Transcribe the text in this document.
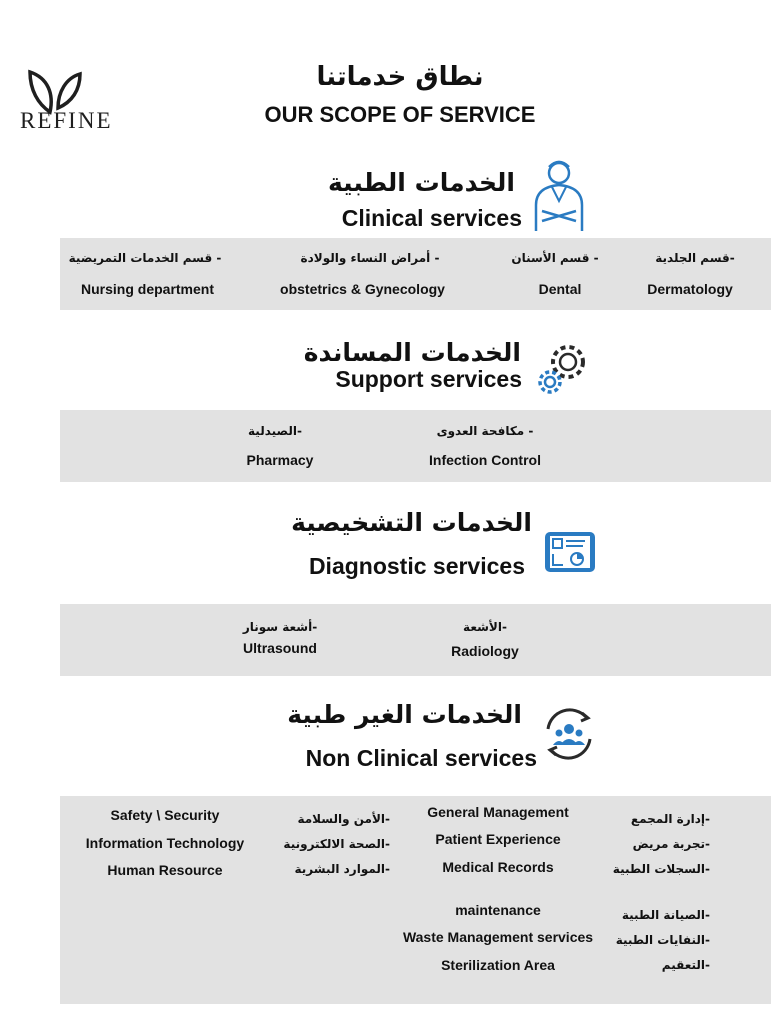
REFINE
نطاق خدماتنا
OUR SCOPE OF SERVICE
الخدمات الطبية
Clinical services
-قسم الجلدية
Dermatology
- قسم الأسنان
Dental
- أمراض النساء والولادة
obstetrics & Gynecology
- قسم الخدمات التمريضية
Nursing department
الخدمات المساندة
Support services
- مكافحة العدوى
Infection Control
-الصيدلية
Pharmacy
الخدمات التشخيصية
Diagnostic services
-الأشعة
Radiology
-أشعة سونار
Ultrasound
الخدمات الغير طبية
Non Clinical services
-إدارة المجمع
-تجربة مريض
-السجلات الطبية
-الصيانة الطبية
-النفايات الطبية
-التعقيم
General Management
Patient Experience
Medical Records
maintenance
Waste Management services
Sterilization Area
-الأمن والسلامة
-الصحة الالكترونية
-الموارد البشرية
Safety \ Security
Information Technology
Human Resource
